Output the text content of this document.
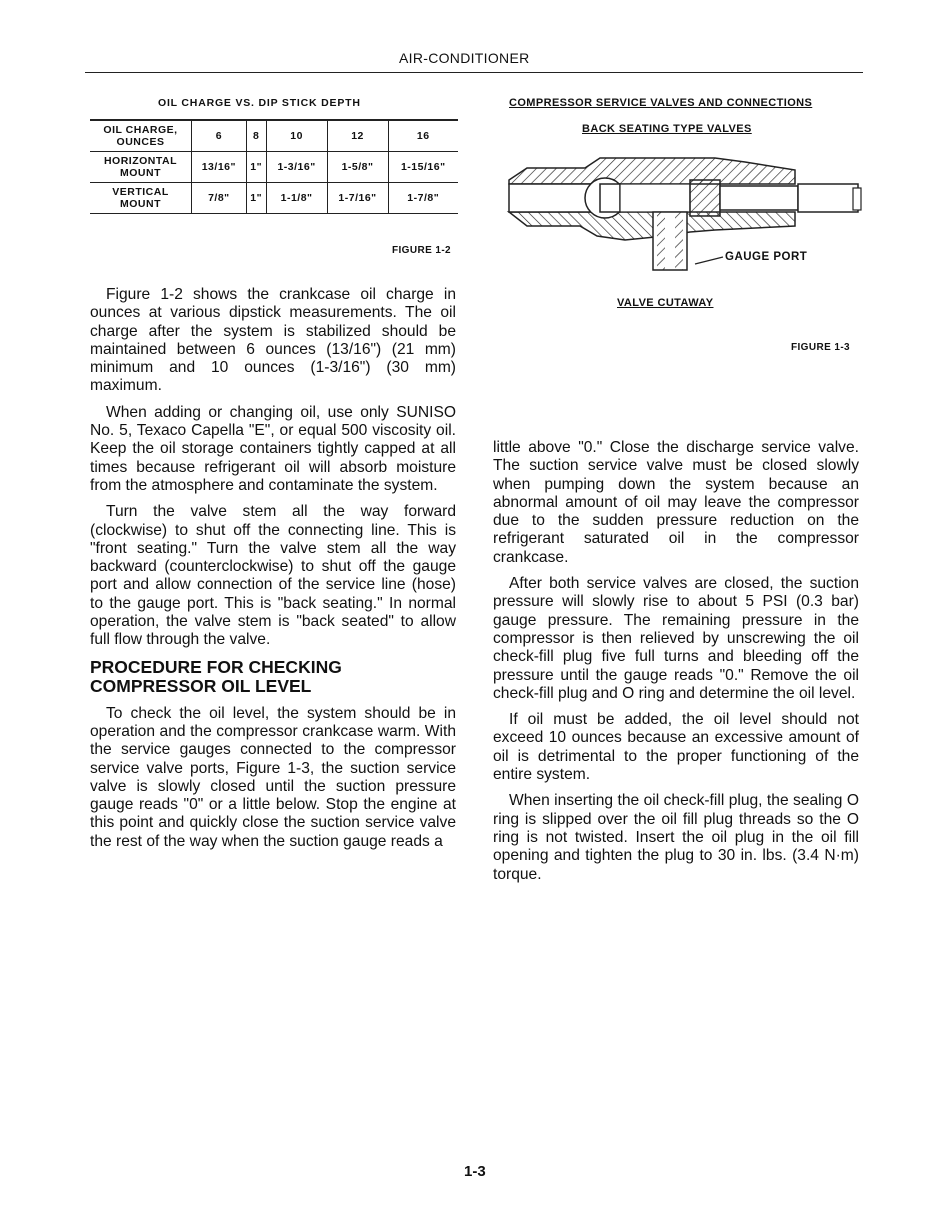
AIR-CONDITIONER
OIL CHARGE VS. DIP STICK DEPTH
OIL CHARGE,
OUNCES	6	8	10	12	16
HORIZONTAL
MOUNT	13/16"	1"	1-3/16"	1-5/8"	1-15/16"
VERTICAL
MOUNT	7/8"	1"	1-1/8"	1-7/16"	1-7/8"
FIGURE 1-2

Figure 1-2 shows the crankcase oil charge in ounces at various dipstick measurements. The oil charge after the system is stabilized should be maintained between 6 ounces (13/16") (21 mm) minimum and 10 ounces (1-3/16") (30 mm) maximum.

When adding or changing oil, use only SUNISO No. 5, Texaco Capella "E", or equal 500 viscosity oil. Keep the oil storage containers tightly capped at all times because refrigerant oil will absorb moisture from the atmosphere and contaminate the system.

Turn the valve stem all the way forward (clockwise) to shut off the connecting line. This is "front seating." Turn the valve stem all the way backward (counterclockwise) to shut off the gauge port and allow connection of the service line (hose) to the gauge port. This is "back seating." In normal operation, the valve stem is "back seated" to allow full flow through the valve.

PROCEDURE FOR CHECKING
COMPRESSOR OIL LEVEL

To check the oil level, the system should be in operation and the compressor crankcase warm. With the service gauges connected to the compressor service valve ports, Figure 1-3, the suction service valve is slowly closed until the suction pressure gauge reads "0" or a little below. Stop the engine at this point and quickly close the suction service valve the rest of the way when the suction gauge reads a

COMPRESSOR SERVICE VALVES AND CONNECTIONS
BACK SEATING TYPE VALVES
GAUGE PORT
VALVE CUTAWAY
FIGURE 1-3

little above "0." Close the discharge service valve. The suction service valve must be closed slowly when pumping down the system because an abnormal amount of oil may leave the compressor due to the sudden pressure reduction on the refrigerant saturated oil in the compressor crankcase.

After both service valves are closed, the suction pressure will slowly rise to about 5 PSI (0.3 bar) gauge pressure. The remaining pressure in the compressor is then relieved by unscrewing the oil check-fill plug five full turns and bleeding off the pressure until the gauge reads "0." Remove the oil check-fill plug and O ring and determine the oil level.

If oil must be added, the oil level should not exceed 10 ounces because an excessive amount of oil is detrimental to the proper functioning of the entire system.

When inserting the oil check-fill plug, the sealing O ring is slipped over the oil fill plug threads so the O ring is not twisted. Insert the oil plug in the oil fill opening and tighten the plug to 30 in. lbs. (3.4 N·m) torque.

1-3
